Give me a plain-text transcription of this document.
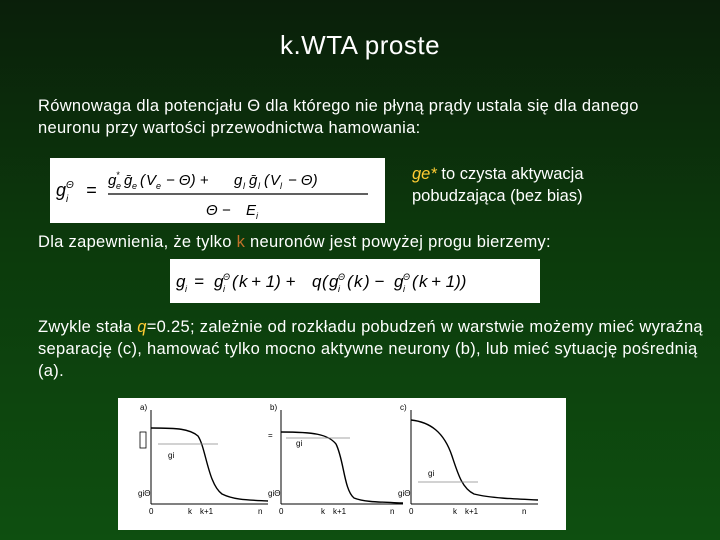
k.WTA proste
Równowaga dla potencjału Θ dla którego nie płyną prądy ustala się dla danego neuronu przy wartości przewodnictwa hamowania:
g Θ
i = g *
e ḡ e ( V e − Θ) + g l ḡ l ( V l − Θ)
Θ − E i
ge* to czysta aktywacja pobudzająca (bez bias)
Dla zapewnienia, że tylko k neuronów jest powyżej progu bierzemy:
g i = g Θ
i ( k + 1) + q ( g Θ
i ( k ) − g Θ
i ( k + 1))
Zwykle stała q=0.25; zależnie od rozkładu pobudzeń w warstwie możemy mieć wyraźną separację (c), hamować tylko mocno aktywne neurony (b), lub mieć sytuację pośrednią (a).
a)
gi
giΘ
0	k k+1	n
b)
gi
giΘ
=
0	k k+1	n
c)
gi
giΘ
0	k k+1	n
